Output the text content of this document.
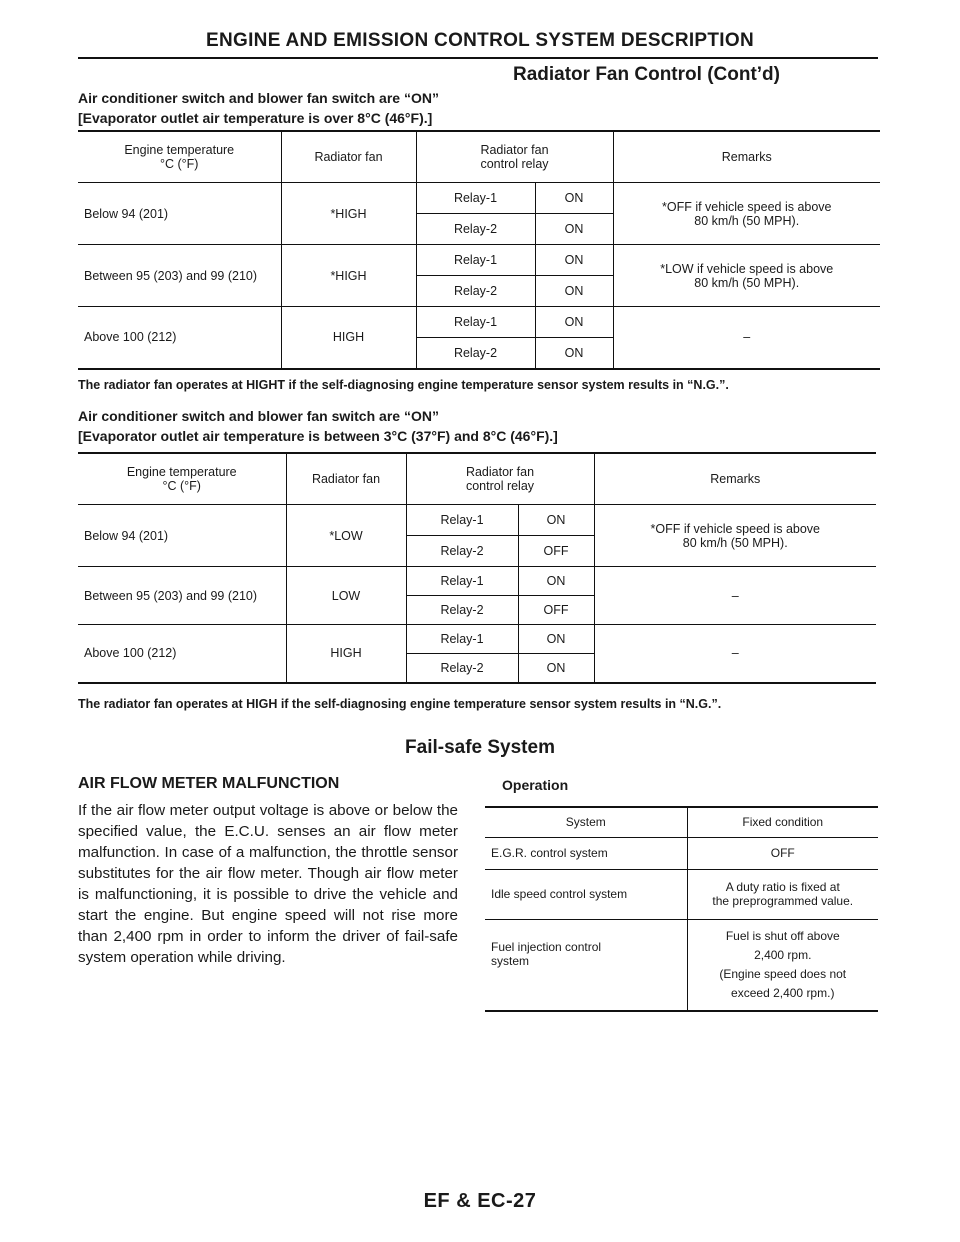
ENGINE AND EMISSION CONTROL SYSTEM DESCRIPTION
Radiator Fan Control (Cont’d)
Air conditioner switch and blower fan switch are “ON”
[Evaporator outlet air temperature is over 8°C (46°F).]
Engine temperature
°C (°F)	Radiator fan	Radiator fan
control relay		Remarks
Below 94 (201)	*HIGH	Relay-1	ON	*OFF if vehicle speed is above
80 km/h (50 MPH).
		Relay-2	ON	
Between 95 (203) and 99 (210)	*HIGH	Relay-1	ON	*LOW if vehicle speed is above
80 km/h (50 MPH).
		Relay-2	ON	
Above 100 (212)	HIGH	Relay-1	ON	–
		Relay-2	ON	
The radiator fan operates at HIGHT if the self-diagnosing engine temperature sensor system results in “N.G.”.
Air conditioner switch and blower fan switch are “ON”
[Evaporator outlet air temperature is between 3°C (37°F) and 8°C (46°F).]
Engine temperature
°C (°F)	Radiator fan	Radiator fan
control relay		Remarks
Below 94 (201)	*LOW	Relay-1	ON	*OFF if vehicle speed is above
80 km/h (50 MPH).
		Relay-2	OFF	
Between 95 (203) and 99 (210)	LOW	Relay-1	ON	–
		Relay-2	OFF	
Above 100 (212)	HIGH	Relay-1	ON	–
		Relay-2	ON	
The radiator fan operates at HIGH if the self-diagnosing engine temperature sensor system results in “N.G.”.
Fail-safe System
AIR FLOW METER MALFUNCTION
If the air flow meter output voltage is above or below the specified value, the E.C.U. senses an air flow meter malfunction. In case of a malfunction, the throttle sensor substitutes for the air flow meter. Though air flow meter is malfunctioning, it is possible to drive the vehicle and start the engine. But engine speed will not rise more than 2,400 rpm in order to inform the driver of fail-safe system operation while driving.
Operation
System	Fixed condition
E.G.R. control system	OFF
Idle speed control system	A duty ratio is fixed at
the preprogrammed value.
Fuel injection control
system	Fuel is shut off above
2,400 rpm.
(Engine speed does not
exceed 2,400 rpm.)
EF & EC-27
